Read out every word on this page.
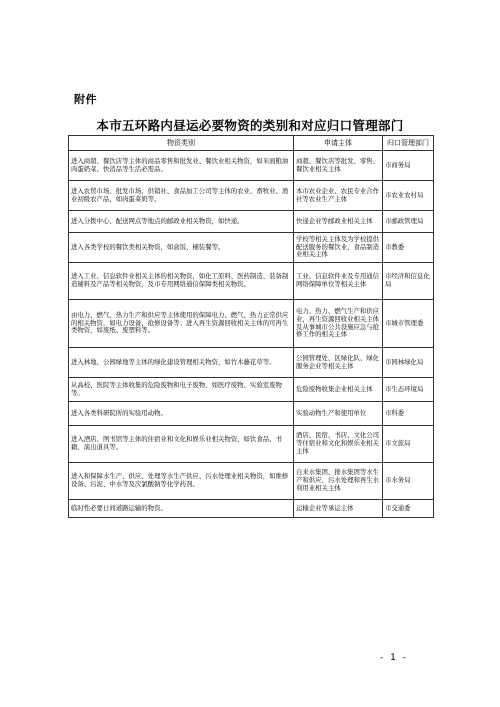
附件
本市五环路内昼运必要物资的类别和对应归口管理部门
物资类别	申请主体	归口管理部门
进入商超、餐饮店等主体的商品零售和批发业、餐饮业相关物资，如米面粮油肉蛋奶菜、快消品等生活必需品。	商超、餐饮店等批发、零售、餐饮业相关主体	市商务局
进入农贸市场、批发市场、供销社、食品加工公司等主体的农业、畜牧业、渔业初级农产品，如肉蛋菜奶等。	本市农业企业、农民专业合作社等农业生产主体	市农业农村局
进入分拨中心、配送网点等地点的邮政业相关物资，如快递。	快递企业等邮政业相关主体	市邮政管理局
进入各类学校的餐饮类相关物资，如盒饭、桶装餐等。	学校等相关主体及为学校提供配送服务的餐饮业、食品制造业相关主体	市教委
进入工业、信息软件业相关主体的相关物资，如化工原料、医药制造、装备制造辅料及产品等相关物资，及市专用网络通信保障类相关物资。	工业、信息软件业及专用通信网络保障单位等相关主体	市经济和信息化局
由电力、燃气、热力生产和供应等主体使用的保障电力、燃气、热力正常供应的相关物资，如电力设备、抢修设备等；进入再生资源回收相关主体的可再生类物资，如废纸、废塑料等。	电力、热力、燃气生产和供应业，再生资源回收业相关主体及从事城市公共设施应急与抢修工作的相关主体	市城市管理委
进入林地、公园绿地等主体的绿化建设管理相关物资，如竹木藤花草等。	公园管理处、区绿化队、绿化服务企业等相关主体	市园林绿化局
从高校、医院等主体收集的危险废物和电子废物，如医疗废物、实验室废物等。	危险废物收集企业相关主体	市生态环境局
进入各类科研院所的实验用动物。	实验动物生产和使用单位	市科委
进入酒店、图书馆等主体的住宿业和文化和娱乐业相关物资，如饮食品、书籍、演出道具等。	酒店、民宿、书店、文化公司等住宿业和文化和娱乐业相关主体	市文旅局
进入和保障水生产、供应、处理等水生产供应、污水处理业相关物资，如维修设备、污泥、中水等及次氯酸钠等化学药剂。	自来水集团、排水集团等水生产和供应、污水处理和再生水利用业相关主体	市水务局
临时性必要日间道路运输的物资。	运输企业等承运主体	市交通委
- 1 -
